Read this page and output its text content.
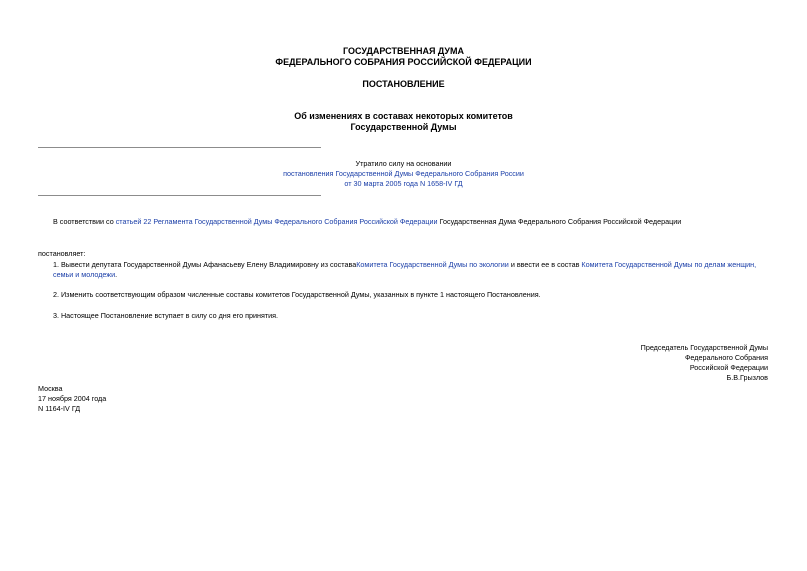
ГОСУДАРСТВЕННАЯ ДУМА
ФЕДЕРАЛЬНОГО СОБРАНИЯ РОССИЙСКОЙ ФЕДЕРАЦИИ
ПОСТАНОВЛЕНИЕ
Об изменениях в составах некоторых комитетов
Государственной Думы
Утратило силу на основании
постановления Государственной Думы Федерального Собрания России
от 30 марта 2005 года N 1658-IV ГД
В соответствии со статьей 22 Регламента Государственной Думы Федерального Собрания Российской Федерации Государственная Дума Федерального Собрания Российской Федерации
постановляет:
1. Вывести депутата Государственной Думы Афанасьеву Елену Владимировну из составаКомитета Государственной Думы по экологии и ввести ее в состав Комитета Государственной Думы по делам женщин, семьи и молодежи.
2. Изменить соответствующим образом численные составы комитетов Государственной Думы, указанных в пункте 1 настоящего Постановления.
3. Настоящее Постановление вступает в силу со дня его принятия.
Председатель Государственной Думы
Федерального Собрания
Российской Федерации
Б.В.Грызлов
Москва
17 ноября 2004 года
N 1164-IV ГД
